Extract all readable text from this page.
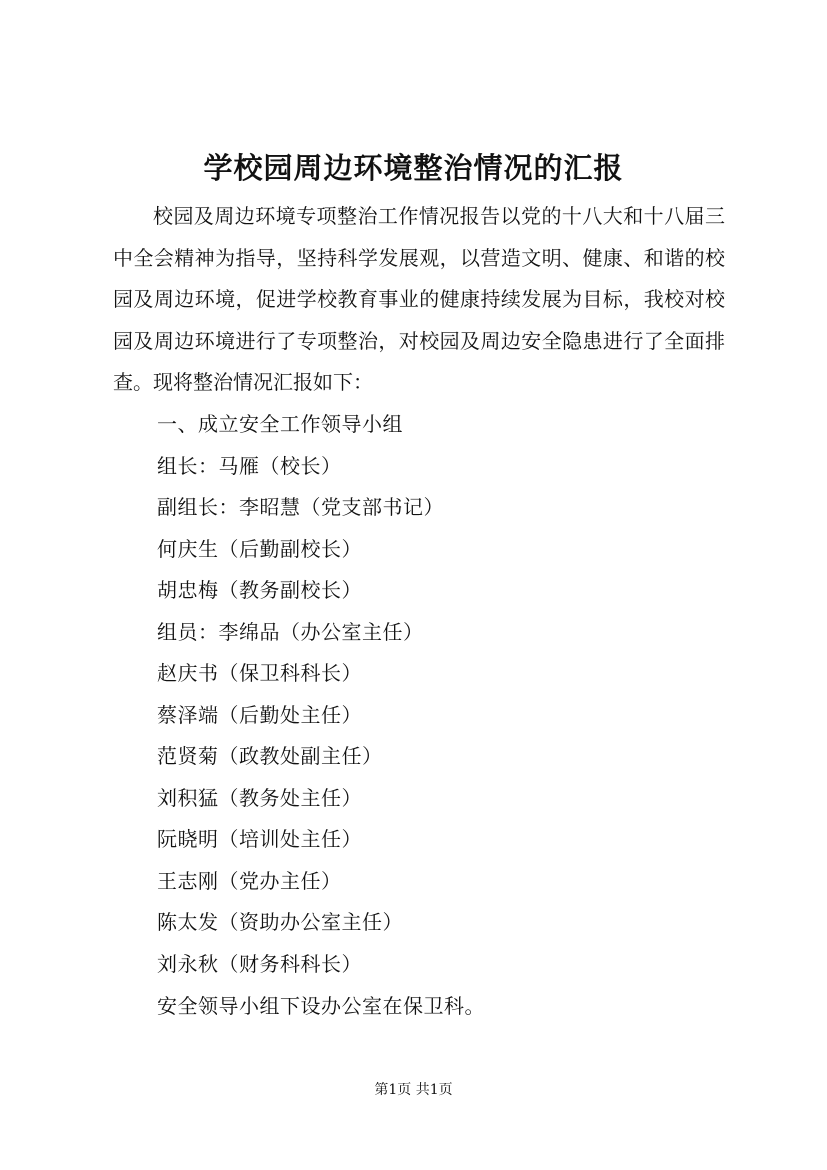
学校园周边环境整治情况的汇报

校园及周边环境专项整治工作情况报告以党的十八大和十八届三中全会精神为指导，坚持科学发展观，以营造文明、健康、和谐的校园及周边环境，促进学校教育事业的健康持续发展为目标，我校对校园及周边环境进行了专项整治，对校园及周边安全隐患进行了全面排查。现将整治情况汇报如下：

一、成立安全工作领导小组

组长：马雁（校长）

副组长：李昭慧（党支部书记）

何庆生（后勤副校长）

胡忠梅（教务副校长）

组员：李绵品（办公室主任）

赵庆书（保卫科科长）

蔡泽端（后勤处主任）

范贤菊（政教处副主任）

刘积猛（教务处主任）

阮晓明（培训处主任）

王志刚（党办主任）

陈太发（资助办公室主任）

刘永秋（财务科科长）

安全领导小组下设办公室在保卫科。

第1页 共1页
